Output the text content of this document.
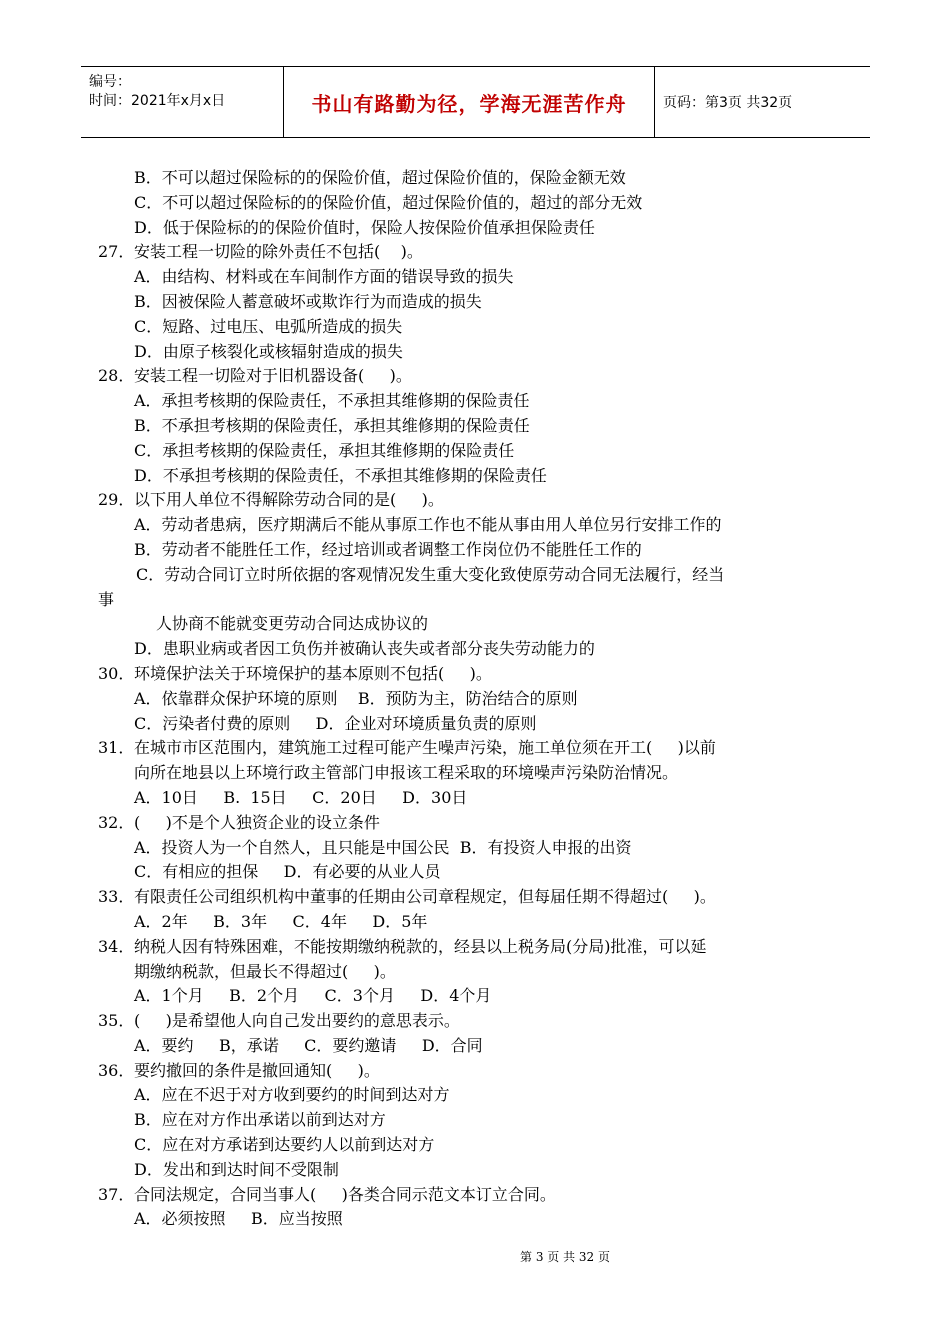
编号：
时间：2021年x月x日	书山有路勤为径，学海无涯苦作舟	页码：第3页 共32页
B．不可以超过保险标的的保险价值，超过保险价值的，保险金额无效
C．不可以超过保险标的的保险价值，超过保险价值的，超过的部分无效
D．低于保险标的的保险价值时，保险人按保险价值承担保险责任
27．安装工程一切险的除外责任不包括(    )。
A．由结构、材料或在车间制作方面的错误导致的损失
B．因被保险人蓄意破坏或欺诈行为而造成的损失
C．短路、过电压、电弧所造成的损失
D．由原子核裂化或核辐射造成的损失
28．安装工程一切险对于旧机器设备(     )。
A．承担考核期的保险责任，不承担其维修期的保险责任
B．不承担考核期的保险责任，承担其维修期的保险责任
C．承担考核期的保险责任，承担其维修期的保险责任
D．不承担考核期的保险责任，不承担其维修期的保险责任
29．以下用人单位不得解除劳动合同的是(     )。
A．劳动者患病，医疗期满后不能从事原工作也不能从事由用人单位另行安排工作的
B．劳动者不能胜任工作，经过培训或者调整工作岗位仍不能胜任工作的
C．劳动合同订立时所依据的客观情况发生重大变化致使原劳动合同无法履行，经当
事
人协商不能就变更劳动合同达成协议的
D．患职业病或者因工负伤并被确认丧失或者部分丧失劳动能力的
30．环境保护法关于环境保护的基本原则不包括(     )。
A．依靠群众保护环境的原则    B．预防为主，防治结合的原则
C．污染者付费的原则     D．企业对环境质量负责的原则
31．在城市市区范围内，建筑施工过程可能产生噪声污染，施工单位须在开工(     )以前
向所在地县以上环境行政主管部门申报该工程采取的环境噪声污染防治情况。
A．10日     B.  15日     C．20日     D．30日
32．(     )不是个人独资企业的设立条件
A．投资人为一个自然人，且只能是中国公民  B．有投资人申报的出资
C．有相应的担保     D．有必要的从业人员
33．有限责任公司组织机构中董事的任期由公司章程规定，但每届任期不得超过(     )。
A．2年     B．3年     C．4年     D．5年
34．纳税人因有特殊困难，不能按期缴纳税款的，经县以上税务局(分局)批准，可以延
期缴纳税款，但最长不得超过(     )。
A．1个月     B．2个月     C．3个月     D．4个月
35．(     )是希望他人向自己发出要约的意思表示。
A．要约     B，承诺     C．要约邀请     D．合同
36．要约撤回的条件是撤回通知(     )。
A．应在不迟于对方收到要约的时间到达对方
B．应在对方作出承诺以前到达对方
C．应在对方承诺到达要约人以前到达对方
D．发出和到达时间不受限制
37．合同法规定，合同当事人(     )各类合同示范文本订立合同。
A．必须按照     B．应当按照
第 3 页 共 32 页
